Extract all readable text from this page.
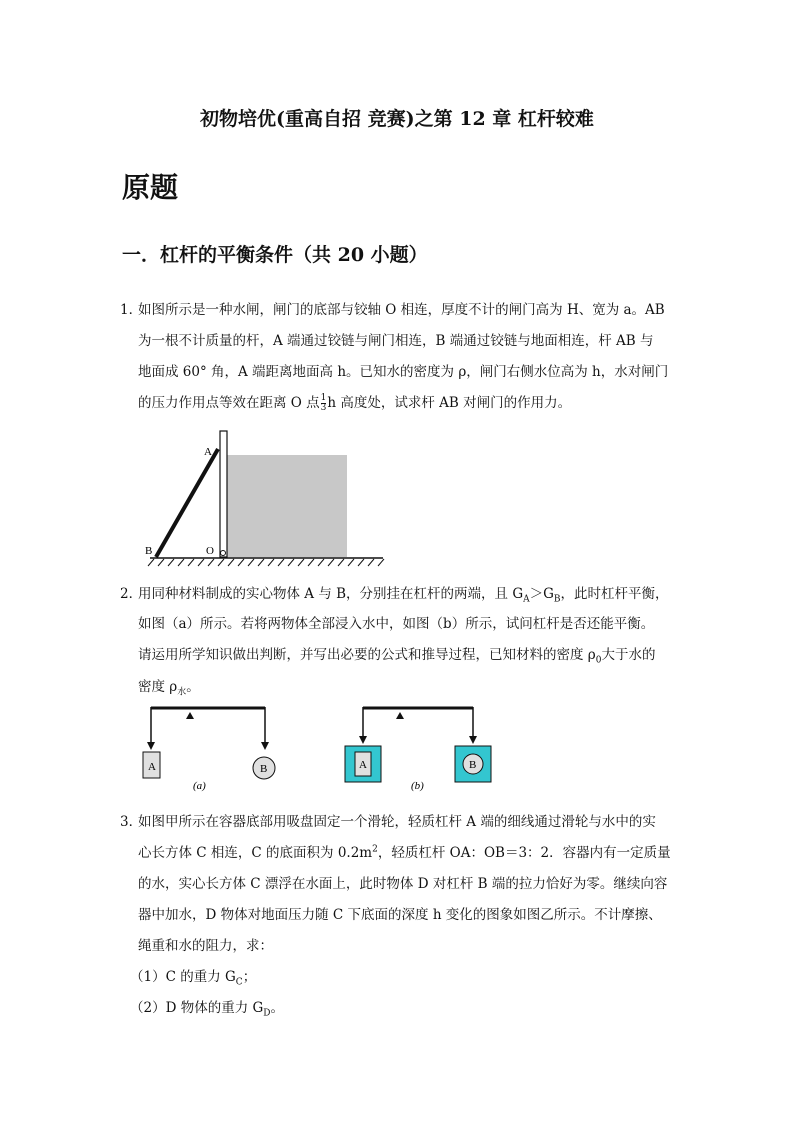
初物培优(重高自招 竞赛)之第 12 章 杠杆较难
原题
一．杠杆的平衡条件（共 20 小题）
1．
如图所示是一种水闸，闸门的底部与铰轴 O 相连，厚度不计的闸门高为 H、宽为 a。AB
为一根不计质量的杆，A 端通过铰链与闸门相连，B 端通过铰链与地面相连，杆 AB 与
地面成 60° 角，A 端距离地面高 h。已知水的密度为 ρ，闸门右侧水位高为 h，水对闸门
的压力作用点等效在距离 O 点 $\frac{1}{3}$ h 高度处，试求杆 AB 对闸门的作用力。
A
B	O
2．
用同种材料制成的实心物体 A 与 B，分别挂在杠杆的两端，且 $G_A>G_B$，此时杠杆平衡，
如图（a）所示。若将两物体全部浸入水中，如图（b）所示，试问杠杆是否还能平衡。
请运用所学知识做出判断，并写出必要的公式和推导过程，已知材料的密度 $\rho_0$大于水的
密度 $\rho_水$。
A	B
(a)
A	B
(b)
3．
如图甲所示在容器底部用吸盘固定一个滑轮，轻质杠杆 A 端的细线通过滑轮与水中的实
心长方体 C 相连，C 的底面积为 $0.2m^2$，轻质杠杆 OA：OB＝3：2．容器内有一定质量
的水，实心长方体 C 漂浮在水面上，此时物体 D 对杠杆 B 端的拉力恰好为零。继续向容
器中加水，D 物体对地面压力随 C 下底面的深度 h 变化的图象如图乙所示。不计摩擦、
绳重和水的阻力，求：
（1）C 的重力 $G_C$；
（2）D 物体的重力 $G_D$。
